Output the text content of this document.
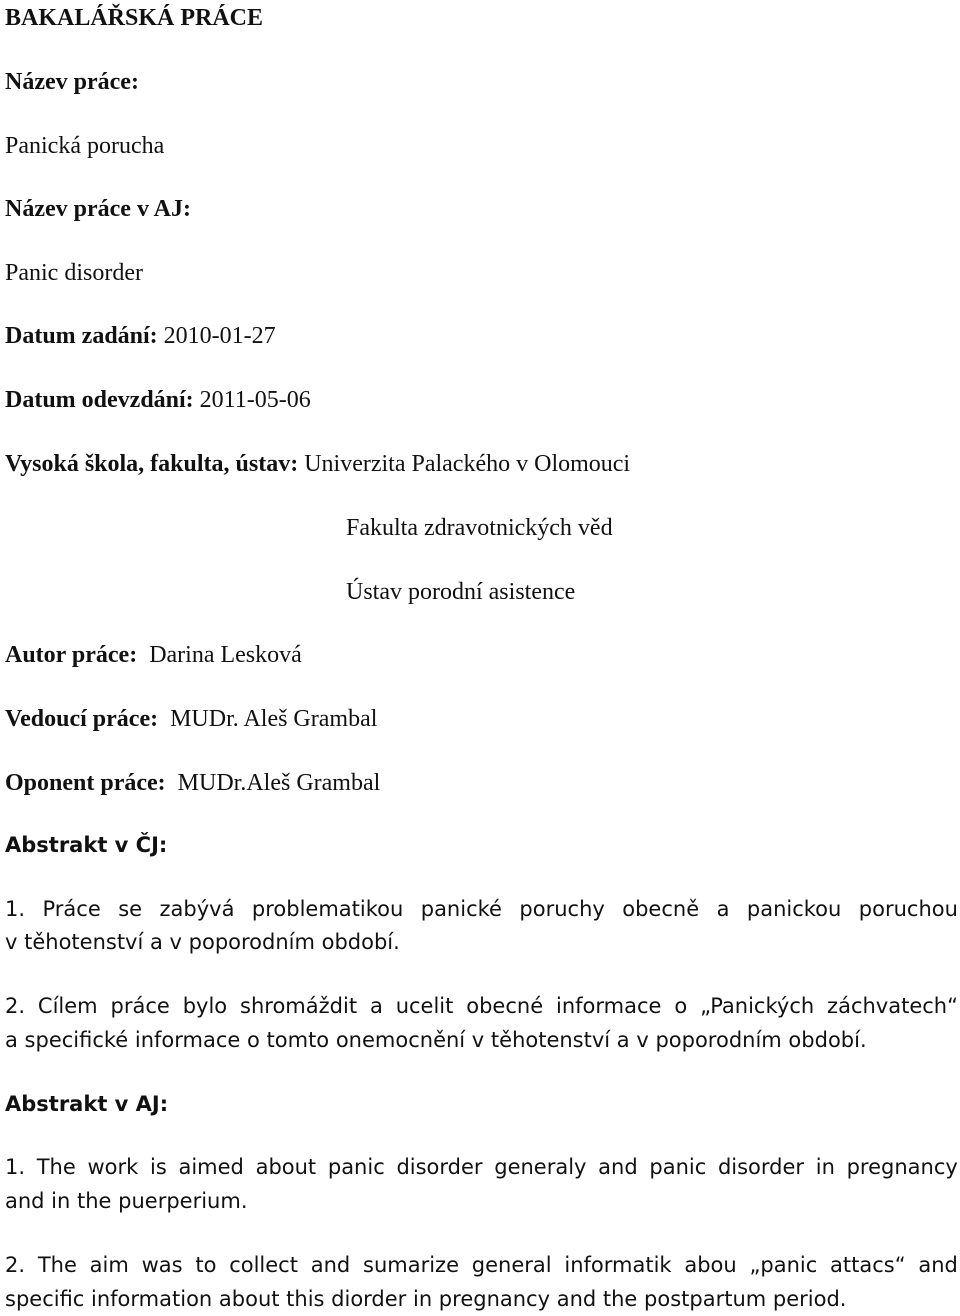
BAKALÁŘSKÁ PRÁCE
Název práce:
Panická porucha
Název práce v AJ:
Panic disorder
Datum zadání: 2010-01-27
Datum odevzdání: 2011-05-06
Vysoká škola, fakulta, ústav: Univerzita Palackého v Olomouci
Fakulta zdravotnických věd
Ústav porodní asistence
Autor práce: Darina Lesková
Vedoucí práce: MUDr. Aleš Grambal
Oponent práce: MUDr.Aleš Grambal
Abstrakt v ČJ:
1. Práce se zabývá problematikou panické poruchy obecně a panickou poruchou
v těhotenství a v poporodním období.
2. Cílem práce bylo shromáždit a ucelit obecné informace o „Panických záchvatech“
a specifické informace o tomto onemocnění v těhotenství a v poporodním období.
Abstrakt v AJ:
1. The work is aimed about panic disorder generaly and panic disorder in pregnancy
and in the puerperium.
2. The aim was to collect and sumarize general informatik abou „panic attacs“ and
specific information about this diorder in pregnancy and the postpartum period.
